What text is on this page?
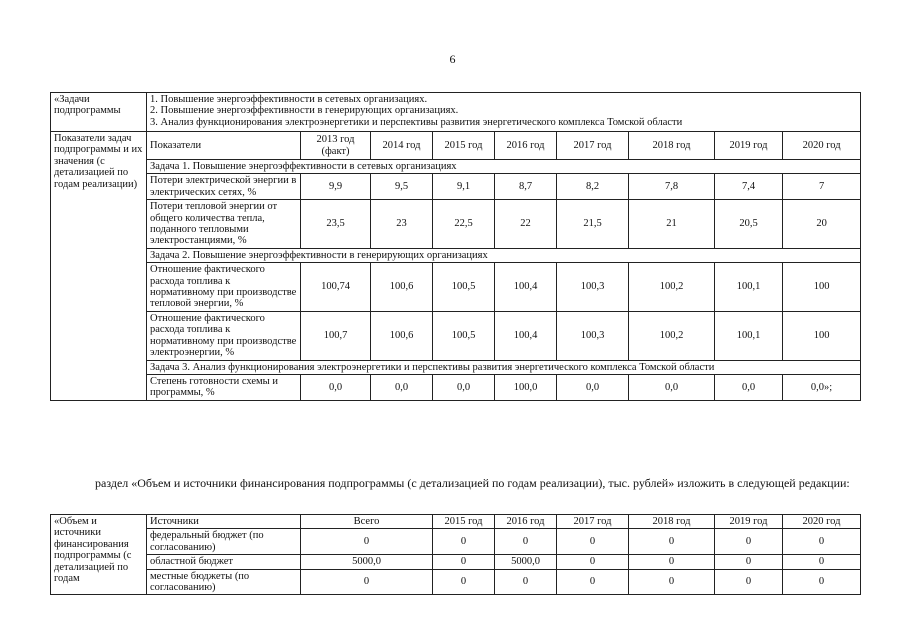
6
«Задачи подпрограммы	1. Повышение энергоэффективности в сетевых организациях.
2. Повышение энергоэффективности в генерирующих организациях.
3. Анализ функционирования электроэнергетики и перспективы развития энергетического комплекса Томской области								

Показатели задач подпрограммы и их значения (с детализацией по годам реализации)	Показатели	2013 год (факт)	2014 год	2015 год	2016 год	2017 год	2018 год	2019 год	2020 год
	Задача 1. Повышение энергоэффективности в сетевых организациях								
	Потери электрической энергии в электрических сетях, %	9,9	9,5	9,1	8,7	8,2	7,8	7,4	7
	Потери тепловой энергии от общего количества тепла, поданного тепловыми электростанциями, %	23,5	23	22,5	22	21,5	21	20,5	20
	Задача 2. Повышение энергоэффективности в генерирующих организациях								
	Отношение фактического расхода топлива к нормативному при производстве тепловой энергии, %	100,74	100,6	100,5	100,4	100,3	100,2	100,1	100
	Отношение фактического расхода топлива к нормативному при производстве электроэнергии, %	100,7	100,6	100,5	100,4	100,3	100,2	100,1	100
	Задача 3. Анализ функционирования электроэнергетики и перспективы развития энергетического комплекса Томской области								
	Степень готовности схемы и программы, %	0,0	0,0	0,0	100,0	0,0	0,0	0,0	0,0»;

раздел «Объем и источники финансирования подпрограммы (с детализацией по годам реализации), тыс. рублей» изложить в следующей редакции:

«Объем и источники финансирования подпрограммы (с детализацией по годам	Источники	Всего	2015 год	2016 год	2017 год	2018 год	2019 год	2020 год
	федеральный бюджет (по согласованию)	0	0	0	0	0	0	0
	областной бюджет	5000,0	0	5000,0	0	0	0	0
	местные бюджеты (по согласованию)	0	0	0	0	0	0	0
